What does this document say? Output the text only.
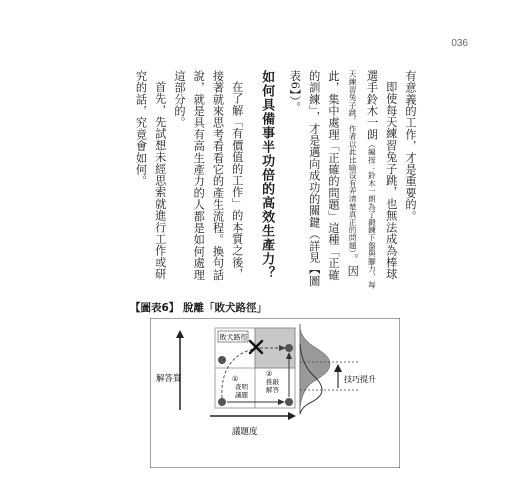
036

有意義的工作，才是重要的。

即使每天練習兔子跳，也無法成為棒球選手鈴木一朗（編按：鈴木一朗為了鍛鍊下盤與腳力，每天練習兔子跳。作者以此比喻沒有弄清楚真正的問題）。因此，集中處理「正確的問題」這種「正確的訓練」，才是邁向成功的關鍵（詳見【圖表6】）。

如何具備事半功倍的高效生產力？

在了解「有價值的工作」的本質之後，接著就來思考看看它的產生流程。換句話說，就是具有高生產力的人都是如何處理這部分的。

首先，先試想未經思索就進行工作或研究的話，究竟會如何。

【圖表6】 脫離「敗犬路徑」
解答質
議題度
敗犬路徑
①
查明
議題
②
推敲
解答
技巧提升
